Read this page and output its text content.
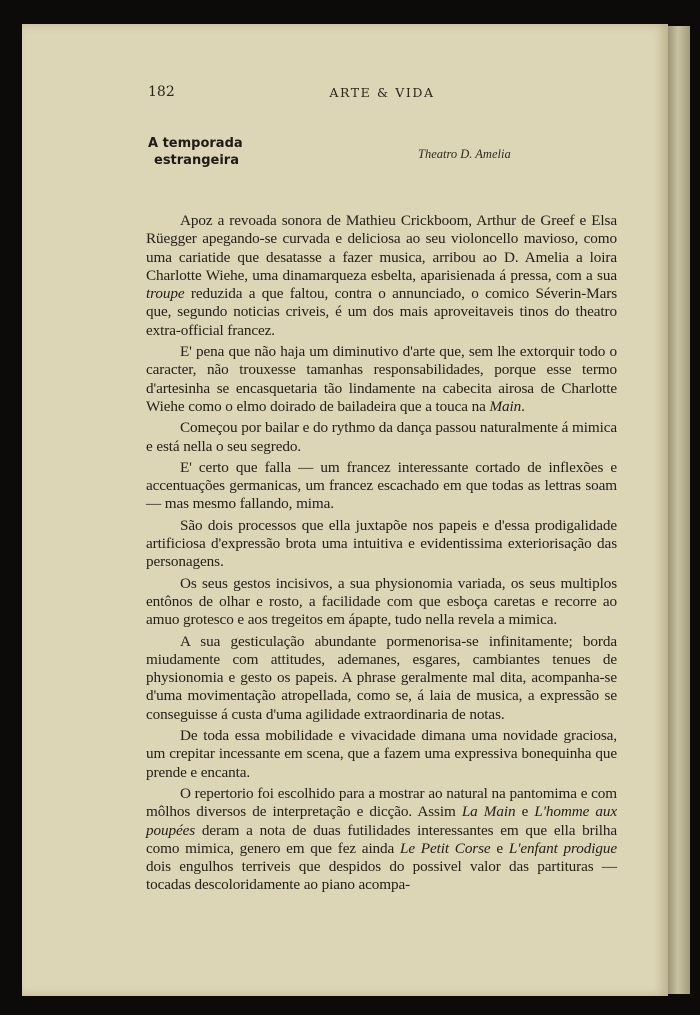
182	ARTE & VIDA
A temporada
estrangeira	Theatro D. Amelia

Apoz a revoada sonora de Mathieu Crickboom, Arthur de Greef e Elsa Rüegger apegando-se curvada e deliciosa ao seu violoncello mavioso, como uma cariatide que desatasse a fazer musica, arribou ao D. Amelia a loira Charlotte Wiehe, uma dinamarqueza esbelta, aparisienada á pressa, com a sua troupe reduzida a que faltou, contra o annunciado, o comico Séverin-Mars que, segundo noticias criveis, é um dos mais aproveitaveis tinos do theatro extra-official francez.

E' pena que não haja um diminutivo d'arte que, sem lhe extorquir todo o caracter, não trouxesse tamanhas responsabilidades, porque esse termo d'artesinha se encasquetaria tão lindamente na cabecita airosa de Charlotte Wiehe como o elmo doirado de bailadeira que a touca na Main.

Começou por bailar e do rythmo da dança passou naturalmente á mimica e está nella o seu segredo.

E' certo que falla — um francez interessante cortado de inflexões e accentuações germanicas, um francez escachado em que todas as lettras soam — mas mesmo fallando, mima.

São dois processos que ella juxtapõe nos papeis e d'essa prodigalidade artificiosa d'expressão brota uma intuitiva e evidentissima exteriorisação das personagens.

Os seus gestos incisivos, a sua physionomia variada, os seus multiplos entônos de olhar e rosto, a facilidade com que esboça caretas e recorre ao amuo grotesco e aos tregeitos em ápарte, tudo nella revela a mimica.

A sua gesticulação abundante pormenorisa-se infinitamente; borda miudamente com attitudes, ademanes, esgares, cambiantes tenues de physionomia e gesto os papeis. A phrase geralmente mal dita, acompanha-se d'uma movimentação atropellada, como se, á laia de musica, a expressão se conseguisse á custa d'uma agilidade extraordinaria de notas.

De toda essa mobilidade e vivacidade dimana uma novidade graciosa, um crepitar incessante em scena, que a fazem uma expressiva bonequinha que prende e encanta.

O repertorio foi escolhido para a mostrar ao natural na pantomima e com môlhos diversos de interpretação e dicção. Assim La Main e L'homme aux poupées deram a nota de duas futilidades interessantes em que ella brilha como mimica, genero em que fez ainda Le Petit Corse e L'enfant prodigue dois engulhos terriveis que despidos do possivel valor das partituras — tocadas descoloridamente ao piano acompa-
